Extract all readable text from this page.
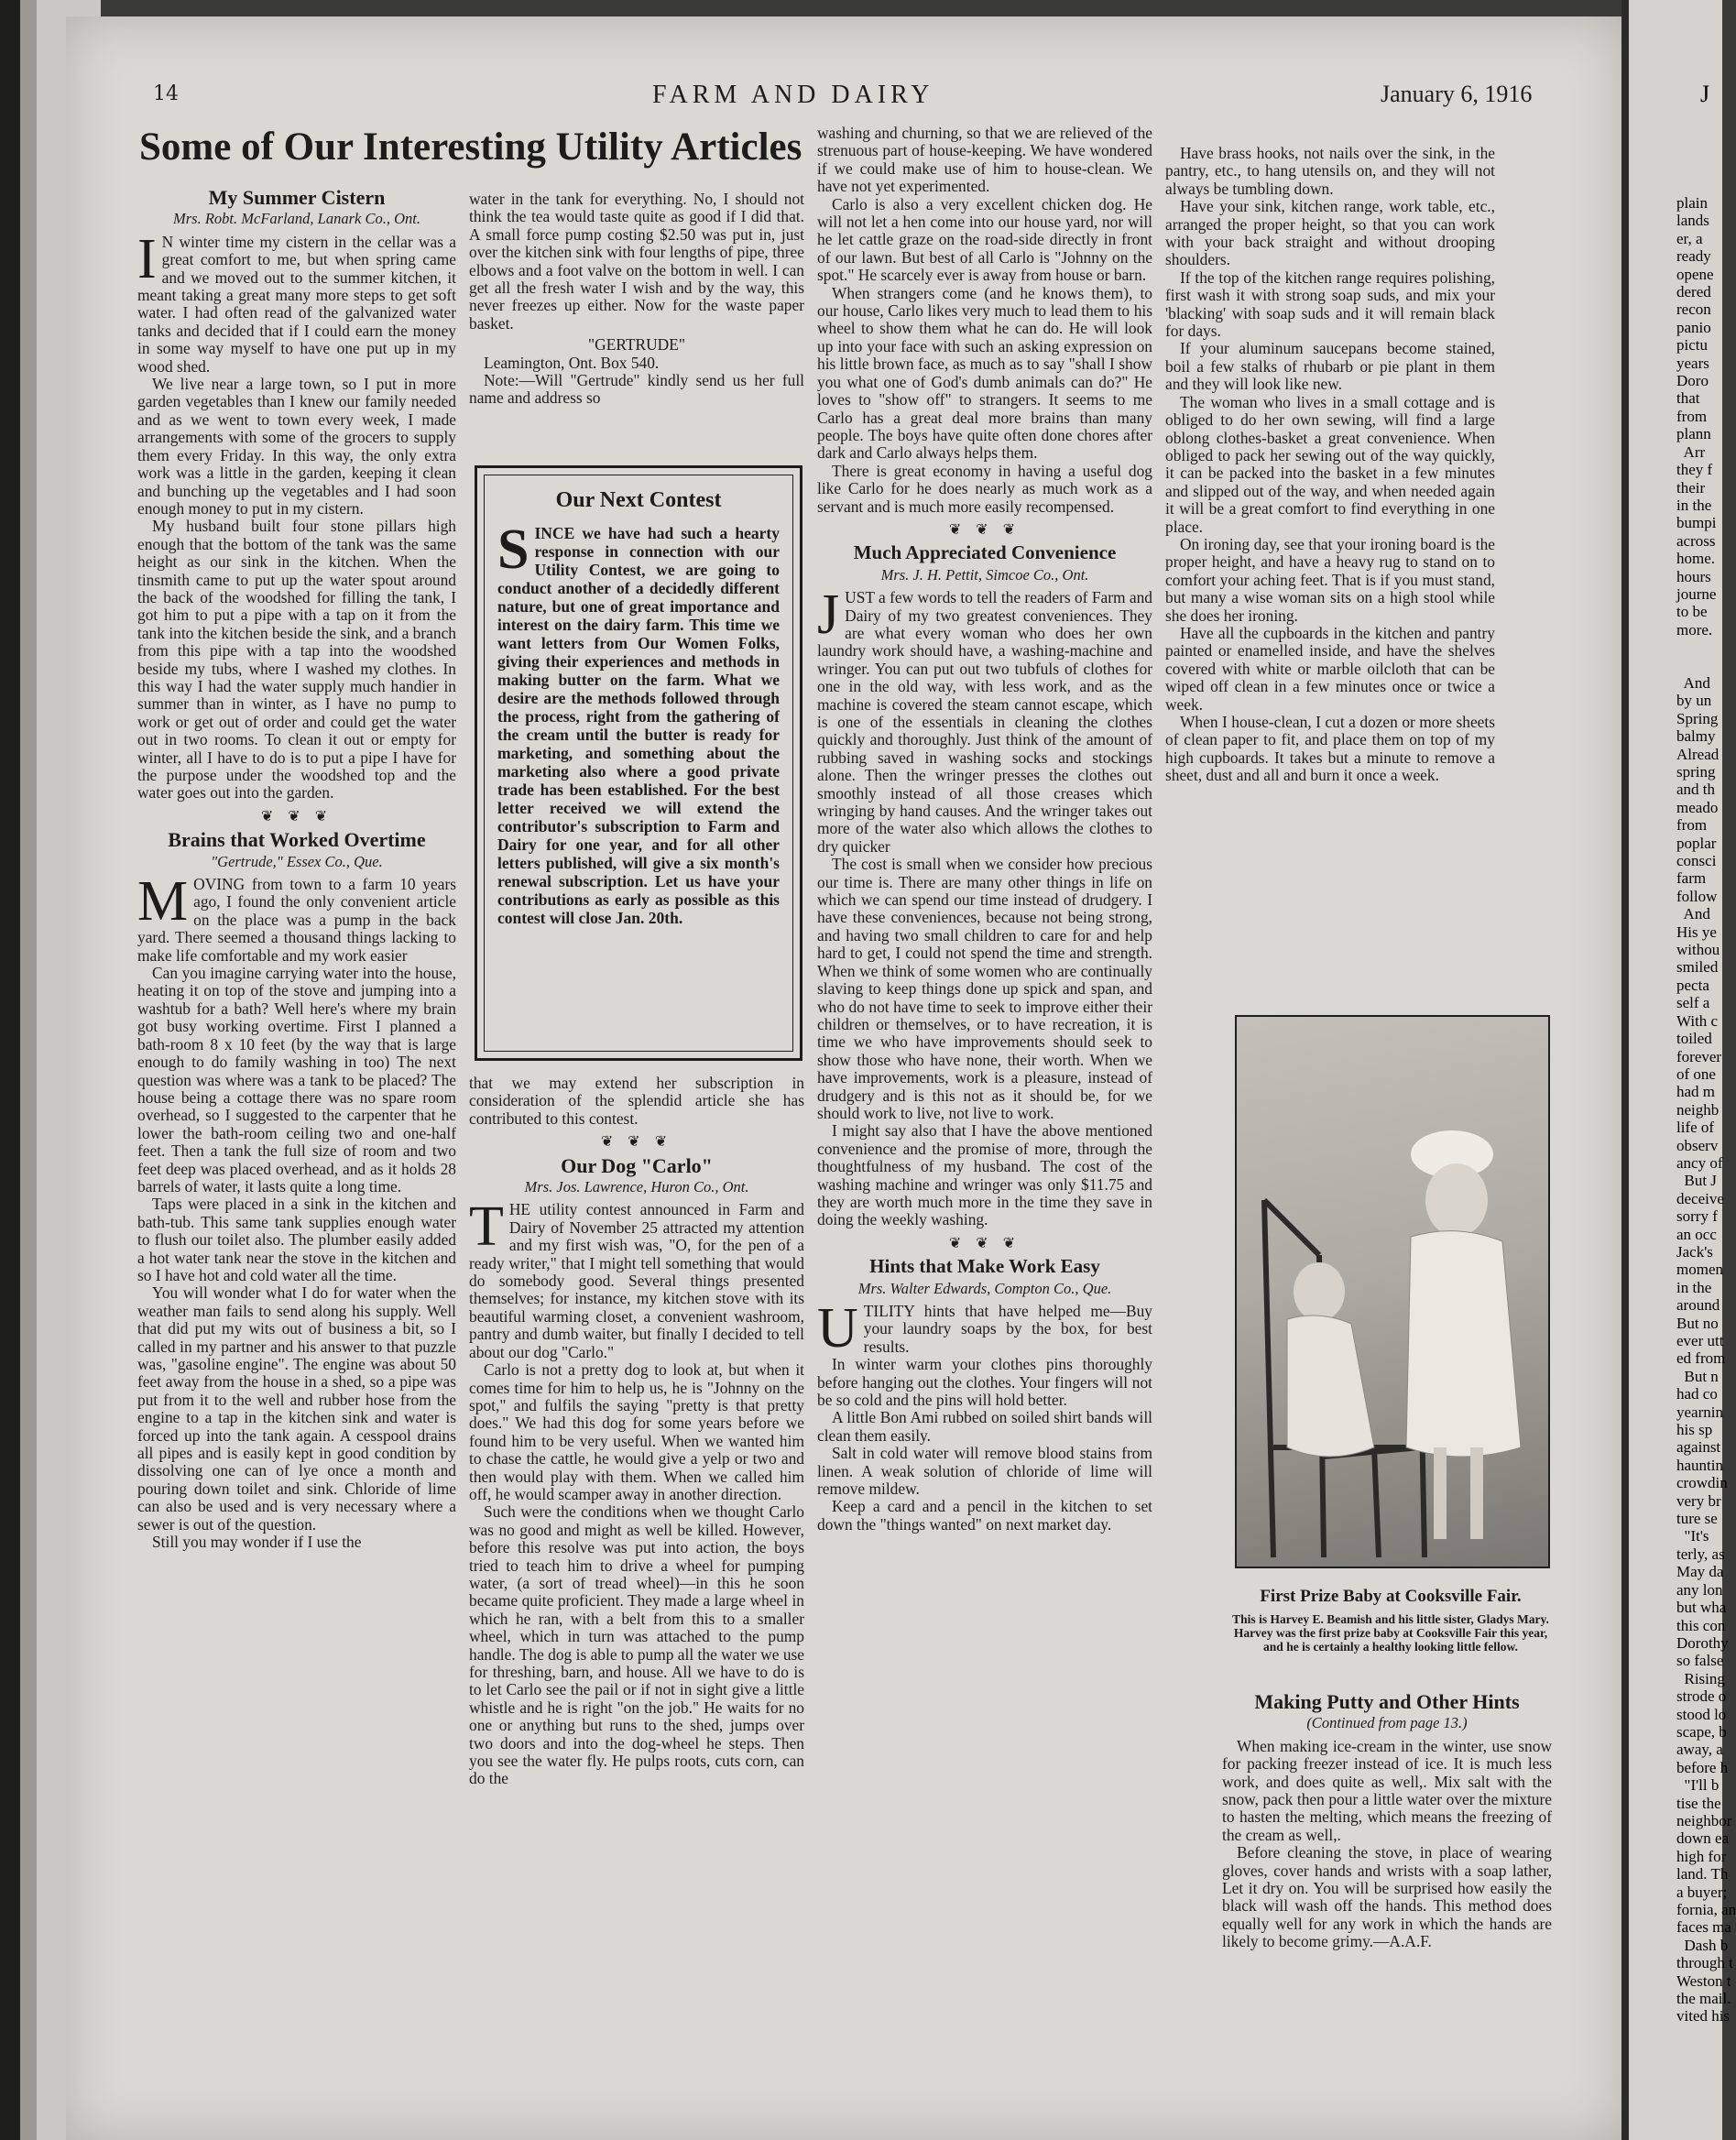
14	FARM AND DAIRY	January 6, 1916
Some of Our Interesting Utility Articles
My Summer Cistern
Mrs. Robt. McFarland, Lanark Co., Ont.

I N winter time my cistern in the cellar was a great comfort to me, but when spring came and we moved out to the summer kitchen, it meant taking a great many more steps to get soft water. I had often read of the galvanized water tanks and decided that if I could earn the money in some way myself to have one put up in my wood shed.

We live near a large town, so I put in more garden vegetables than I knew our family needed and as we went to town every week, I made arrangements with some of the grocers to supply them every Friday. In this way, the only extra work was a little in the garden, keeping it clean and bunching up the vegetables and I had soon enough money to put in my cistern.

My husband built four stone pillars high enough that the bottom of the tank was the same height as our sink in the kitchen. When the tinsmith came to put up the water spout around the back of the woodshed for filling the tank, I got him to put a pipe with a tap on it from the tank into the kitchen beside the sink, and a branch from this pipe with a tap into the woodshed beside my tubs, where I washed my clothes. In this way I had the water supply much handier in summer than in winter, as I have no pump to work or get out of order and could get the water out in two rooms. To clean it out or empty for winter, all I have to do is to put a pipe I have for the purpose under the woodshed top and the water goes out into the garden.

❦ ❦ ❦
Brains that Worked Overtime
"Gertrude," Essex Co., Que.

MOVING from town to a farm 10 years ago, I found the only convenient article on the place was a pump in the back yard. There seemed a thousand things lacking to make life comfortable and my work easier

Can you imagine carrying water into the house, heating it on top of the stove and jumping into a washtub for a bath? Well here's where my brain got busy working overtime. First I planned a bath-room 8 x 10 feet (by the way that is large enough to do family washing in too) The next question was where was a tank to be placed? The house being a cottage there was no spare room overhead, so I suggested to the carpenter that he lower the bath-room ceiling two and one-half feet. Then a tank the full size of room and two feet deep was placed overhead, and as it holds 28 barrels of water, it lasts quite a long time.

Taps were placed in a sink in the kitchen and bath-tub. This same tank supplies enough water to flush our toilet also. The plumber easily added a hot water tank near the stove in the kitchen and so I have hot and cold water all the time.

You will wonder what I do for water when the weather man fails to send along his supply. Well that did put my wits out of business a bit, so I called in my partner and his answer to that puzzle was, "gasoline engine". The engine was about 50 feet away from the house in a shed, so a pipe was put from it to the well and rubber hose from the engine to a tap in the kitchen sink and water is forced up into the tank again. A cesspool drains all pipes and is easily kept in good condition by dissolving one can of lye once a month and pouring down toilet and sink. Chloride of lime can also be used and is very necessary where a sewer is out of the question.

Still you may wonder if I use the

water in the tank for everything. No, I should not think the tea would taste quite as good if I did that. A small force pump costing $2.50 was put in, just over the kitchen sink with four lengths of pipe, three elbows and a foot valve on the bottom in well. I can get all the fresh water I wish and by the way, this never freezes up either. Now for the waste paper basket.

"GERTRUDE"

Leamington, Ont. Box 540.

Note:—Will "Gertrude" kindly send us her full name and address so

Our Next Contest
SINCE we have had such a hearty response in connection with our Utility Contest, we are going to conduct another of a decidedly different nature, but one of great importance and interest on the dairy farm. This time we want letters from Our Women Folks, giving their experiences and methods in making butter on the farm. What we desire are the methods followed through the process, right from the gathering of the cream until the butter is ready for marketing, and something about the marketing also where a good private trade has been established. For the best letter received we will extend the contributor's subscription to Farm and Dairy for one year, and for all other letters published, will give a six month's renewal subscription. Let us have your contributions as early as possible as this contest will close Jan. 20th.

that we may extend her subscription in consideration of the splendid article she has contributed to this contest.

❦ ❦ ❦
Our Dog "Carlo"
Mrs. Jos. Lawrence, Huron Co., Ont.

THE utility contest announced in Farm and Dairy of November 25 attracted my attention and my first wish was, "O, for the pen of a ready writer," that I might tell something that would do somebody good. Several things presented themselves; for instance, my kitchen stove with its beautiful warming closet, a convenient washroom, pantry and dumb waiter, but finally I decided to tell about our dog "Carlo."

Carlo is not a pretty dog to look at, but when it comes time for him to help us, he is "Johnny on the spot," and fulfils the saying "pretty is that pretty does." We had this dog for some years before we found him to be very useful. When we wanted him to chase the cattle, he would give a yelp or two and then would play with them. When we called him off, he would scamper away in another direction.

Such were the conditions when we thought Carlo was no good and might as well be killed. However, before this resolve was put into action, the boys tried to teach him to drive a wheel for pumping water, (a sort of tread wheel)—in this he soon became quite proficient. They made a large wheel in which he ran, with a belt from this to a smaller wheel, which in turn was attached to the pump handle. The dog is able to pump all the water we use for threshing, barn, and house. All we have to do is to let Carlo see the pail or if not in sight give a little whistle and he is right "on the job." He waits for no one or anything but runs to the shed, jumps over two doors and into the dog-wheel he steps. Then you see the water fly. He pulps roots, cuts corn, can do the

washing and churning, so that we are relieved of the strenuous part of house-keeping. We have wondered if we could make use of him to house-clean. We have not yet experimented.

Carlo is also a very excellent chicken dog. He will not let a hen come into our house yard, nor will he let cattle graze on the road-side directly in front of our lawn. But best of all Carlo is "Johnny on the spot." He scarcely ever is away from house or barn.

When strangers come (and he knows them), to our house, Carlo likes very much to lead them to his wheel to show them what he can do. He will look up into your face with such an asking expression on his little brown face, as much as to say "shall I show you what one of God's dumb animals can do?" He loves to "show off" to strangers. It seems to me Carlo has a great deal more brains than many people. The boys have quite often done chores after dark and Carlo always helps them.

There is great economy in having a useful dog like Carlo for he does nearly as much work as a servant and is much more easily recompensed.

❦ ❦ ❦
Much Appreciated Convenience
Mrs. J. H. Pettit, Simcoe Co., Ont.

JUST a few words to tell the readers of Farm and Dairy of my two greatest conveniences. They are what every woman who does her own laundry work should have, a washing-machine and wringer. You can put out two tubfuls of clothes for one in the old way, with less work, and as the machine is covered the steam cannot escape, which is one of the essentials in cleaning the clothes quickly and thoroughly. Just think of the amount of rubbing saved in washing socks and stockings alone. Then the wringer presses the clothes out smoothly instead of all those creases which wringing by hand causes. And the wringer takes out more of the water also which allows the clothes to dry quicker

The cost is small when we consider how precious our time is. There are many other things in life on which we can spend our time instead of drudgery. I have these conveniences, because not being strong, and having two small children to care for and help hard to get, I could not spend the time and strength. When we think of some women who are continually slaving to keep things done up spick and span, and who do not have time to seek to improve either their children or themselves, or to have recreation, it is time we who have improvements should seek to show those who have none, their worth. When we have improvements, work is a pleasure, instead of drudgery and is this not as it should be, for we should work to live, not live to work.

I might say also that I have the above mentioned convenience and the promise of more, through the thoughtfulness of my husband. The cost of the washing machine and wringer was only $11.75 and they are worth much more in the time they save in doing the weekly washing.

❦ ❦ ❦
Hints that Make Work Easy
Mrs. Walter Edwards, Compton Co., Que.

UTILITY hints that have helped me—Buy your laundry soaps by the box, for best results.

In winter warm your clothes pins thoroughly before hanging out the clothes. Your fingers will not be so cold and the pins will hold better.

A little Bon Ami rubbed on soiled shirt bands will clean them easily.

Salt in cold water will remove blood stains from linen. A weak solution of chloride of lime will remove mildew.

Keep a card and a pencil in the kitchen to set down the "things wanted" on next market day.

Have brass hooks, not nails over the sink, in the pantry, etc., to hang utensils on, and they will not always be tumbling down.

Have your sink, kitchen range, work table, etc., arranged the proper height, so that you can work with your back straight and without drooping shoulders.

If the top of the kitchen range requires polishing, first wash it with strong soap suds, and mix your 'blacking' with soap suds and it will remain black for days.

If your aluminum saucepans become stained, boil a few stalks of rhubarb or pie plant in them and they will look like new.

The woman who lives in a small cottage and is obliged to do her own sewing, will find a large oblong clothes-basket a great convenience. When obliged to pack her sewing out of the way quickly, it can be packed into the basket in a few minutes and slipped out of the way, and when needed again it will be a great comfort to find everything in one place.

On ironing day, see that your ironing board is the proper height, and have a heavy rug to stand on to comfort your aching feet. That is if you must stand, but many a wise woman sits on a high stool while she does her ironing.

Have all the cupboards in the kitchen and pantry painted or enamelled inside, and have the shelves covered with white or marble oilcloth that can be wiped off clean in a few minutes once or twice a week.

When I house-clean, I cut a dozen or more sheets of clean paper to fit, and place them on top of my high cupboards. It takes but a minute to remove a sheet, dust and all and burn it once a week.

First Prize Baby at Cooksville Fair.
This is Harvey E. Beamish and his little sister, Gladys Mary. Harvey was the first prize baby at Cooksville Fair this year, and he is certainly a healthy looking little fellow.
Making Putty and Other Hints
(Continued from page 13.)

When making ice-cream in the winter, use snow for packing freezer instead of ice. It is much less work, and does quite as well,. Mix salt with the snow, pack then pour a little water over the mixture to hasten the melting, which means the freezing of the cream as well,.

Before cleaning the stove, in place of wearing gloves, cover hands and wrists with a soap lather, Let it dry on. You will be surprised how easily the black will wash off the hands. This method does equally well for any work in which the hands are likely to become grimy.—A.A.F.

J
plain
lands
er, a
ready
opene
dered
recon
panio
pictu
years
Doro
that
from
plann
Arr
they f
their
in the
bumpi
across
home.
hours
journe
to be
more.

And
by un
Spring
balmy
Alread
spring
and th
meado
from
poplar
consci
farm
follow
And
His ye
withou
smiled
pecta
self a
With c
toiled
forever
of one
had m
neighb
life of
observ
ancy of
But J
deceive
sorry f
an occ
Jack's
momen
in the
around
But no
ever utt
ed from
But n
had co
yearnin
his sp
against
hauntin
crowdin
very br
ture se
"It's
terly, as
May da
any lon
but wha
this con
Dorothy
so false
Rising
strode o
stood lo
scape, b
away, a
before h
"I'll b
tise the
neighbor
down ea
high for
land. Th
a buyer;
fornia, an
faces ma
Dash b
through t
Weston t
the mail.
vited his
